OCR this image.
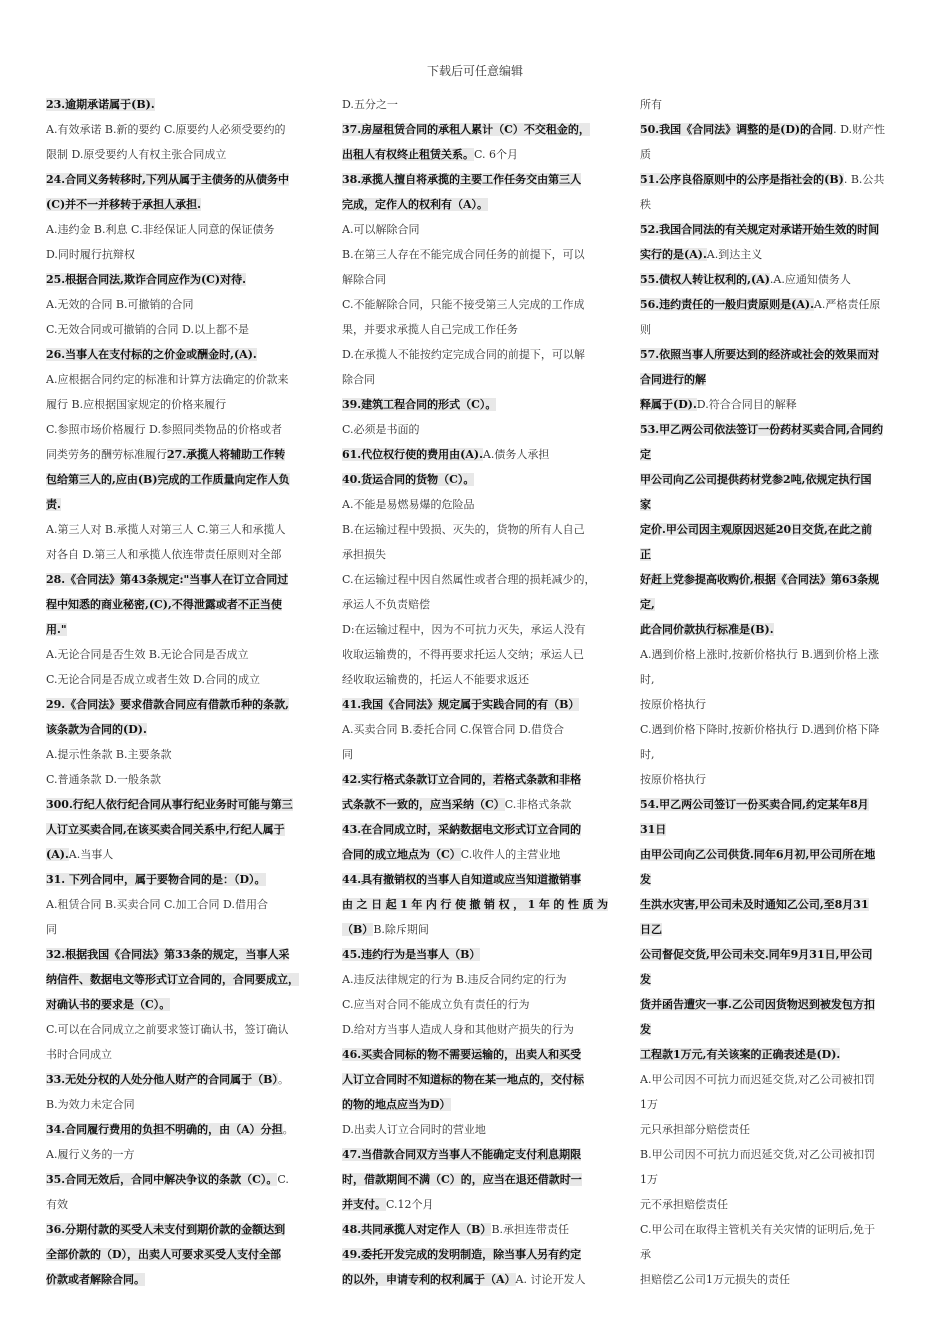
下载后可任意编辑
23.逾期承诺属于(B).
A.有效承诺 B.新的要约 C.原要约人必须受要约的
限制 D.原受要约人有权主张合同成立
24.合同义务转移时,下列从属于主债务的从债务中
(C)并不一并移转于承担人承担.
A.违约金 B.利息 C.非经保证人同意的保证债务
D.同时履行抗辩权
25.根据合同法,欺诈合同应作为(C)对待.
A.无效的合同 B.可撤销的合同
C.无效合同或可撤销的合同 D.以上都不是
26.当事人在支付标的之价金或酬金时,(A).
A.应根据合同约定的标准和计算方法确定的价款来
履行 B.应根据国家规定的价格来履行
C.参照市场价格履行 D.参照同类物品的价格或者
同类劳务的酬劳标准履行27.承揽人将辅助工作转
包给第三人的,应由(B)完成的工作质量向定作人负
责.
A.第三人对 B.承揽人对第三人 C.第三人和承揽人
对各自 D.第三人和承揽人依连带责任原则对全部
28.《合同法》第43条规定:"当事人在订立合同过
程中知悉的商业秘密,(C),不得泄露或者不正当使
用."
A.无论合同是否生效 B.无论合同是否成立
C.无论合同是否成立或者生效 D.合同的成立
29.《合同法》要求借款合同应有借款币种的条款,
该条款为合同的(D).
A.提示性条款 B.主要条款
C.普通条款 D.一般条款
300.行纪人依行纪合同从事行纪业务时可能与第三
人订立买卖合同,在该买卖合同关系中,行纪人属于
(A).A.当事人
31. 下列合同中，属于要物合同的是：（D）。
A.租赁合同 B.买卖合同 C.加工合同 D.借用合
同
32.根据我国《合同法》第33条的规定，当事人采
纳信件、数据电文等形式订立合同的，合同要成立，
对确认书的要求是（C）。
C.可以在合同成立之前要求签订确认书，签订确认
书时合同成立
33.无处分权的人处分他人财产的合同属于（B）。
B.为效力未定合同
34.合同履行费用的负担不明确的，由（A）分担。
A.履行义务的一方
35.合同无效后，合同中解决争议的条款（C）。C.
有效
36.分期付款的买受人未支付到期价款的金额达到
全部价款的（D），出卖人可要求买受人支付全部
价款或者解除合同。
D.五分之一
37.房屋租赁合同的承租人累计（C）不交租金的，
出租人有权终止租赁关系。C. 6个月
38.承揽人擅自将承揽的主要工作任务交由第三人
完成，定作人的权利有（A）。
A.可以解除合同
B.在第三人存在不能完成合同任务的前提下，可以
解除合同
C.不能解除合同，只能不接受第三人完成的工作成
果，并要求承揽人自己完成工作任务
D.在承揽人不能按约定完成合同的前提下，可以解
除合同
39.建筑工程合同的形式（C）。
C.必须是书面的
61.代位权行使的费用由(A).A.债务人承担
40.货运合同的货物（C）。
A.不能是易燃易爆的危险品
B.在运输过程中毁损、灭失的，货物的所有人自己
承担损失
C.在运输过程中因自然属性或者合理的损耗减少的，
承运人不负责赔偿
D:在运输过程中，因为不可抗力灭失，承运人没有
收取运输费的，不得再要求托运人交纳；承运人已
经收取运输费的，托运人不能要求返还
41.我国《合同法》规定属于实践合同的有（B）
A.买卖合同 B.委托合同 C.保管合同 D.借贷合
同
42.实行格式条款订立合同的，若格式条款和非格
式条款不一致的，应当采纳（C）C.非格式条款
43.在合同成立时，采納数据电文形式订立合同的
合同的成立地点为（C）C.收件人的主营业地
44.具有撤销权的当事人自知道或应当知道撤销事
由之日起1年内行使撤销权，1年的性质为
（B）B.除斥期间
45.违约行为是当事人（B）
A.违反法律规定的行为 B.违反合同约定的行为
C.应当对合同不能成立负有责任的行为
D.给对方当事人造成人身和其他财产损失的行为
46.买卖合同标的物不需要运输的，出卖人和买受
人订立合同时不知道标的物在某一地点的，交付标
的物的地点应当为D）
D.出卖人订立合同时的营业地
47.当借款合同双方当事人不能确定支付利息期限
时，借款期间不满（C）的，应当在退还借款时一
并支付。C.12个月
48.共同承揽人对定作人（B）B.承担连带责任
49.委托开发完成的发明制造，除当事人另有约定
的以外，申请专利的权利属于（A）A. 讨论开发人
所有
50.我国《合同法》调整的是(D)的合同. D.财产性
质
51.公序良俗原则中的公序是指社会的(B). B.公共
秩
52.我国合同法的有关规定对承诺开始生效的时间
实行的是(A).A.到达主义
55.债权人转让权利的,(A).A.应通知债务人
56.违约责任的一般归责原则是(A).A.严格责任原
则
57.依照当事人所要达到的经济或社会的效果而对
合同进行的解
释属于(D).D.符合合同目的解释
53.甲乙两公司依法签订一份药材买卖合同,合同约
定
甲公司向乙公司提供药材党参2吨,依规定执行国
家
定价.甲公司因主观原因迟延20日交货,在此之前
正
好赶上党参提高收购价,根据《合同法》第63条规
定,
此合同价款执行标准是(B).
A.遇到价格上涨时,按新价格执行 B.遇到价格上涨
时,
按原价格执行
C.遇到价格下降时,按新价格执行 D.遇到价格下降
时,
按原价格执行
54.甲乙两公司签订一份买卖合同,约定某年8月
31日
由甲公司向乙公司供货.同年6月初,甲公司所在地
发
生洪水灾害,甲公司未及时通知乙公司,至8月31
日乙
公司督促交货,甲公司未交.同年9月31日,甲公司
发
货并函告遭灾一事.乙公司因货物迟到被发包方扣
发
工程款1万元,有关该案的正确表述是(D).
A.甲公司因不可抗力而迟延交货,对乙公司被扣罚
1万
元只承担部分赔偿责任
B.甲公司因不可抗力而迟延交货,对乙公司被扣罚
1万
元不承担赔偿责任
C.甲公司在取得主管机关有关灾情的证明后,免于
承
担赔偿乙公司1万元损失的责任
